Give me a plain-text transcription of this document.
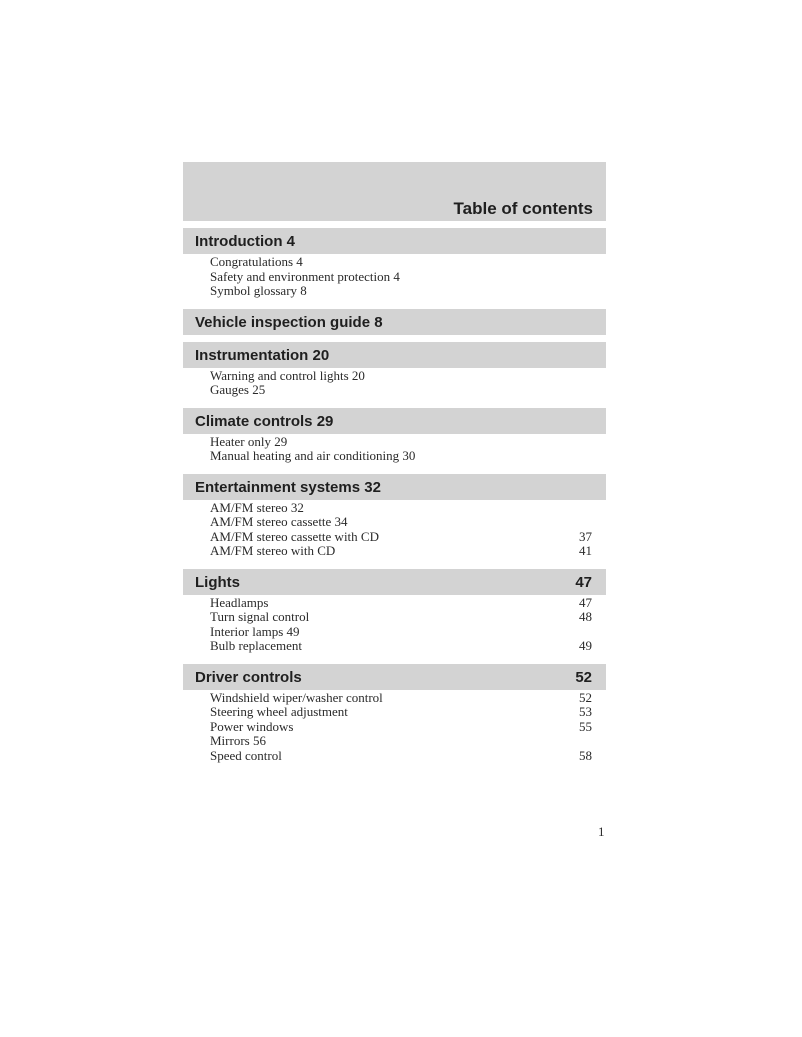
Table of contents
Introduction 4
Congratulations 4
Safety and environment protection 4
Symbol glossary 8
Vehicle inspection guide 8
Instrumentation 20
Warning and control lights 20
Gauges 25
Climate controls 29
Heater only 29
Manual heating and air conditioning 30
Entertainment systems 32
AM/FM stereo 32
AM/FM stereo cassette 34
AM/FM stereo cassette with CD	37
AM/FM stereo with CD	41
Lights	47
Headlamps	47
Turn signal control	48
Interior lamps 49
Bulb replacement	49
Driver controls	52
Windshield wiper/washer control	52
Steering wheel adjustment	53
Power windows	55
Mirrors 56
Speed control	58
1
